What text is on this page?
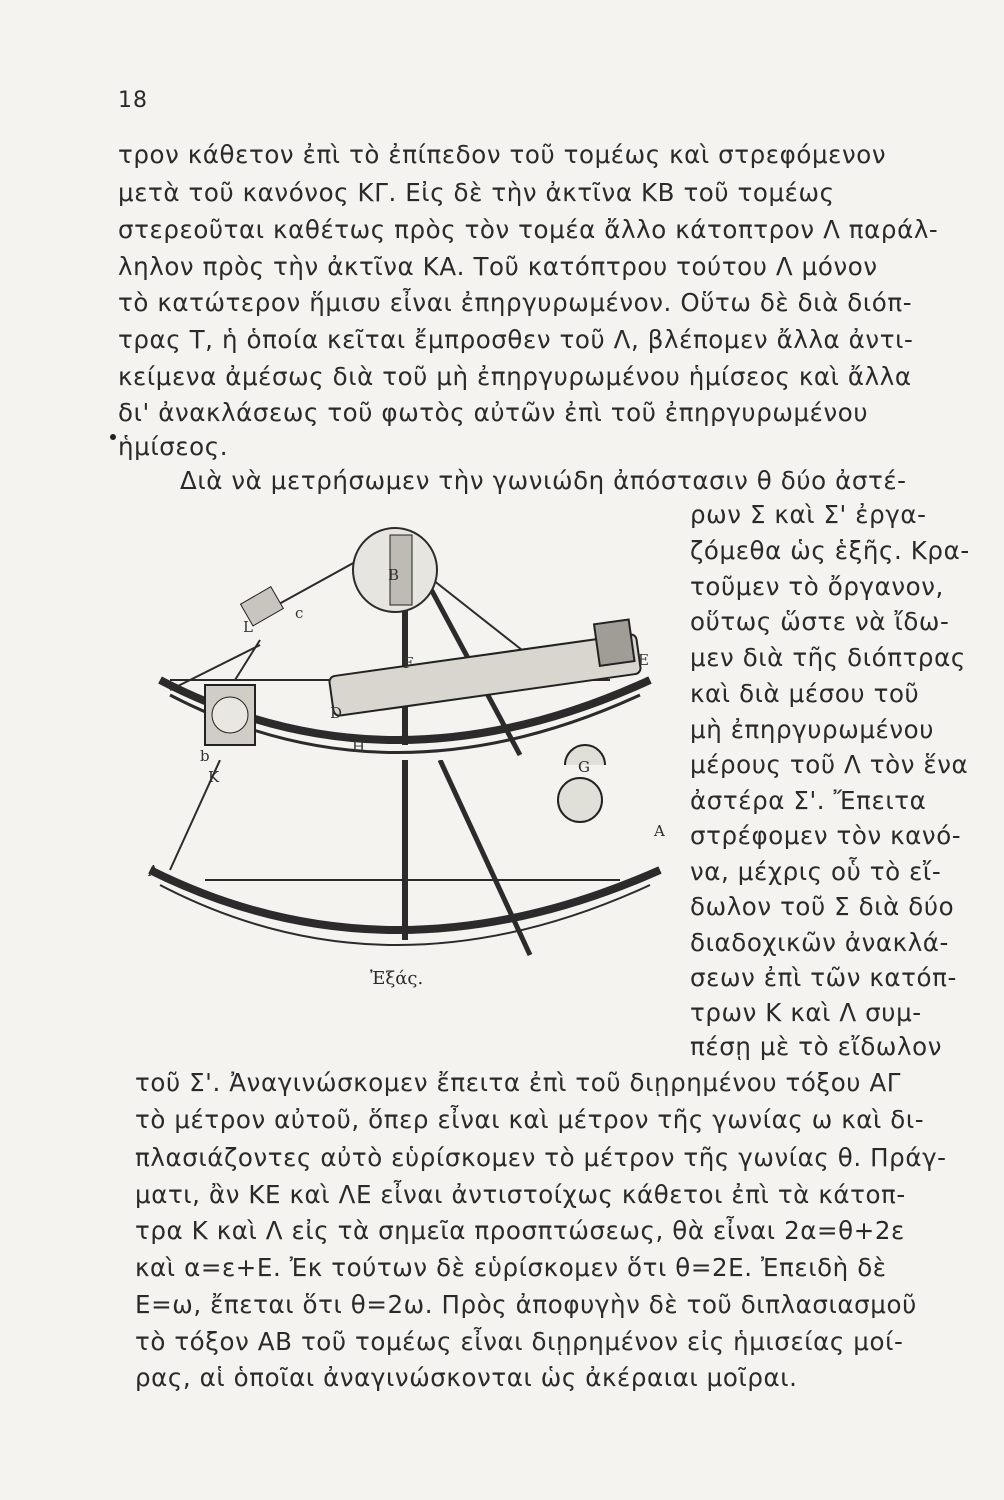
18
τρον κάθετον ἐπὶ τὸ ἐπίπεδον τοῦ τομέως καὶ στρεφόμενον
μετὰ τοῦ κανόνος ΚΓ. Εἰς δὲ τὴν ἀκτῖνα ΚΒ τοῦ τομέως
στερεοῦται καθέτως πρὸς τὸν τομέα ἄλλο κάτοπτρον Λ παράλ-
ληλον πρὸς τὴν ἀκτῖνα ΚΑ. Τοῦ κατόπτρου τούτου Λ μόνον
τὸ κατώτερον ἥμισυ εἶναι ἐπηργυρωμένον. Οὕτω δὲ διὰ διόπ-
τρας Τ, ἡ ὁποία κεῖται ἔμπροσθεν τοῦ Λ, βλέπομεν ἄλλα ἀντι-
κείμενα ἀμέσως διὰ τοῦ μὴ ἐπηργυρωμένου ἡμίσεος καὶ ἄλλα
δι' ἀνακλάσεως τοῦ φωτὸς αὐτῶν ἐπὶ τοῦ ἐπηργυρωμένου
ἡμίσεος.
Διὰ νὰ μετρήσωμεν τὴν γωνιώδη ἀπόστασιν θ δύο ἀστέ-
ρων Σ καὶ Σ' ἐργα-
ζόμεθα ὡς ἑξῆς. Κρα-
τοῦμεν τὸ ὄργανον,
οὕτως ὥστε νὰ ἴδω-
μεν διὰ τῆς διόπτρας
καὶ διὰ μέσου τοῦ
μὴ ἐπηργυρωμένου
μέρους τοῦ Λ τὸν ἕνα
ἀστέρα Σ'. Ἔπειτα
στρέφομεν τὸν κανό-
να, μέχρις οὗ τὸ εἴ-
δωλον τοῦ Σ διὰ δύο
διαδοχικῶν ἀνακλά-
σεων ἐπὶ τῶν κατόπ-
τρων Κ καὶ Λ συμ-
πέσῃ μὲ τὸ εἴδωλον
B
L
c
F	E
D
H
b
K
G
A
A
Ἐξάς.
τοῦ Σ'. Ἀναγινώσκομεν ἔπειτα ἐπὶ τοῦ διῃρημένου τόξου ΑΓ
τὸ μέτρον αὐτοῦ, ὅπερ εἶναι καὶ μέτρον τῆς γωνίας ω καὶ δι-
πλασιάζοντες αὐτὸ εὑρίσκομεν τὸ μέτρον τῆς γωνίας θ. Πράγ-
ματι, ἂν ΚΕ καὶ ΛΕ εἶναι ἀντιστοίχως κάθετοι ἐπὶ τὰ κάτοπ-
τρα Κ καὶ Λ εἰς τὰ σημεῖα προσπτώσεως, θὰ εἶναι 2α=θ+2ε
καὶ α=ε+Ε. Ἐκ τούτων δὲ εὑρίσκομεν ὅτι θ=2Ε. Ἐπειδὴ δὲ
Ε=ω, ἔπεται ὅτι θ=2ω. Πρὸς ἀποφυγὴν δὲ τοῦ διπλασιασμοῦ
τὸ τόξον ΑΒ τοῦ τομέως εἶναι διῃρημένον εἰς ἡμισείας μοί-
ρας, αἱ ὁποῖαι ἀναγινώσκονται ὡς ἀκέραιαι μοῖραι.
